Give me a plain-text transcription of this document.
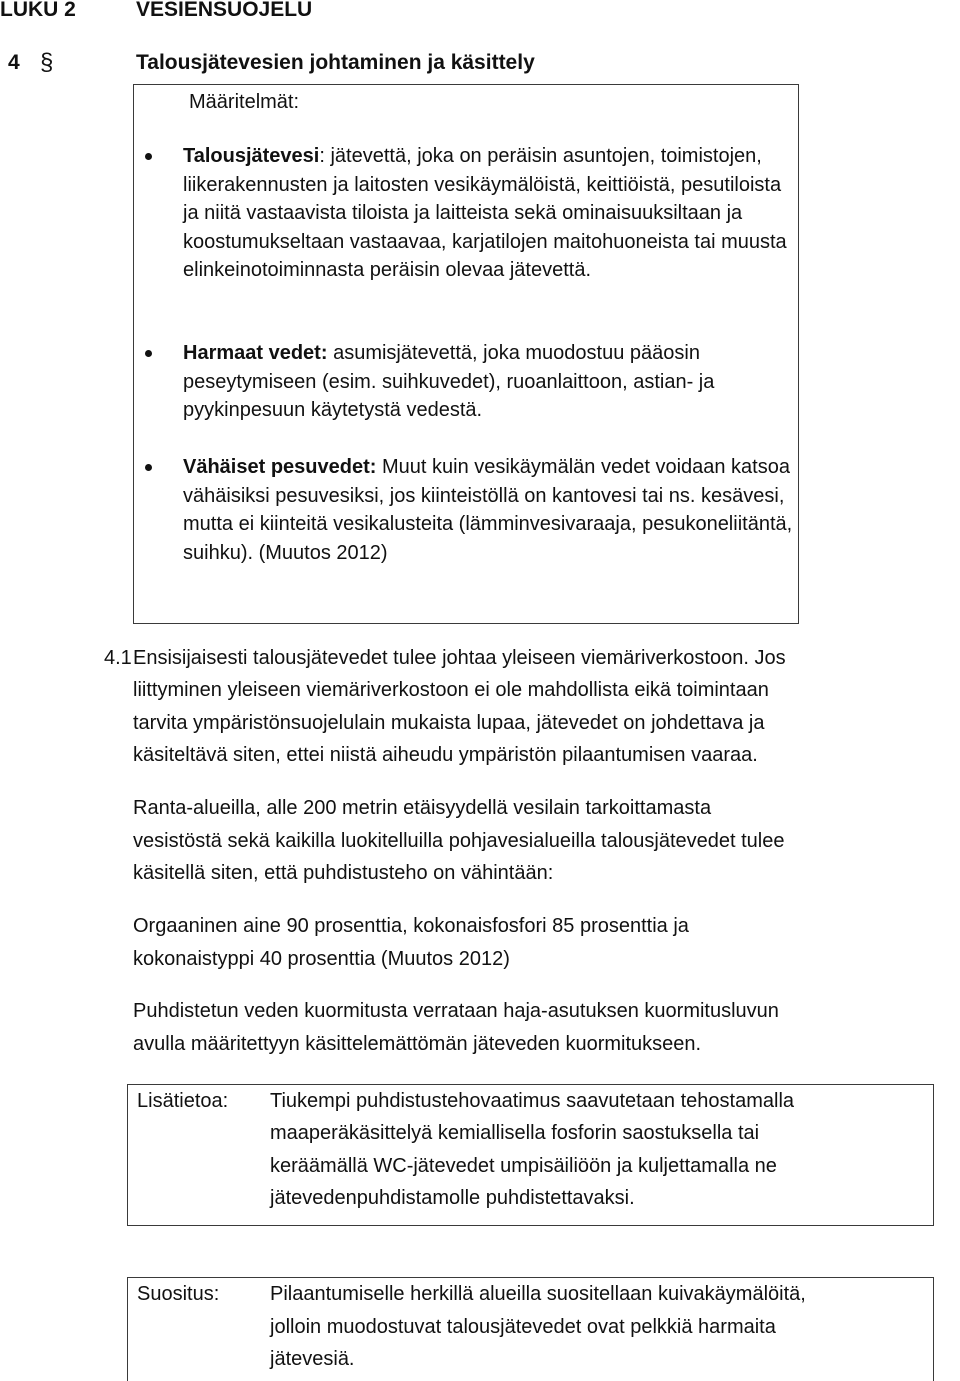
LUKU 2	VESIENSUOJELU
4 §	Talousjätevesien johtaminen ja käsittely
Määritelmät:
Talousjätevesi: jätevettä, joka on peräisin asuntojen, toimistojen, liikerakennusten ja laitosten vesikäymälöistä, keittiöistä, pesutiloista ja niitä vastaavista tiloista ja laitteista sekä ominaisuuksiltaan ja koostumukseltaan vastaavaa, karjatilojen maitohuoneista tai muusta elinkeinotoiminnasta peräisin olevaa jätevettä.
Harmaat vedet: asumisjätevettä, joka muodostuu pääosin peseytymiseen (esim. suihkuvedet), ruoanlaittoon, astian- ja pyykinpesuun käytetystä vedestä.
Vähäiset pesuvedet: Muut kuin vesikäymälän vedet voidaan katsoa vähäisiksi pesuvesiksi, jos kiinteistöllä on kantovesi tai ns. kesävesi, mutta ei kiinteitä vesikalusteita (lämminvesivaraaja, pesukoneliitäntä, suihku). (Muutos 2012)
4.1 Ensisijaisesti talousjätevedet tulee johtaa yleiseen viemäriverkostoon. Jos
liittyminen yleiseen viemäriverkostoon ei ole mahdollista eikä toimintaan
tarvita ympäristönsuojelulain mukaista lupaa, jätevedet on johdettava ja
käsiteltävä siten, ettei niistä aiheudu ympäristön pilaantumisen vaaraa.
Ranta-alueilla, alle 200 metrin etäisyydellä vesilain tarkoittamasta
vesistöstä sekä kaikilla luokitelluilla pohjavesialueilla talousjätevedet tulee
käsitellä siten, että puhdistusteho on vähintään:
Orgaaninen aine 90 prosenttia, kokonaisfosfori 85 prosenttia ja
kokonaistyppi 40 prosenttia (Muutos 2012)
Puhdistetun veden kuormitusta verrataan haja-asutuksen kuormitusluvun
avulla määritettyyn käsittelemättömän jäteveden kuormitukseen.
Lisätietoa: Tiukempi puhdistustehovaatimus saavutetaan tehostamalla
maaperäkäsittelyä kemiallisella fosforin saostuksella tai
keräämällä WC-jätevedet umpisäiliöön ja kuljettamalla ne
jätevedenpuhdistamolle puhdistettavaksi.
Suositus:	Pilaantumiselle herkillä alueilla suositellaan kuivakäymälöitä,
jolloin muodostuvat talousjätevedet ovat pelkkiä harmaita
jätevesiä.
